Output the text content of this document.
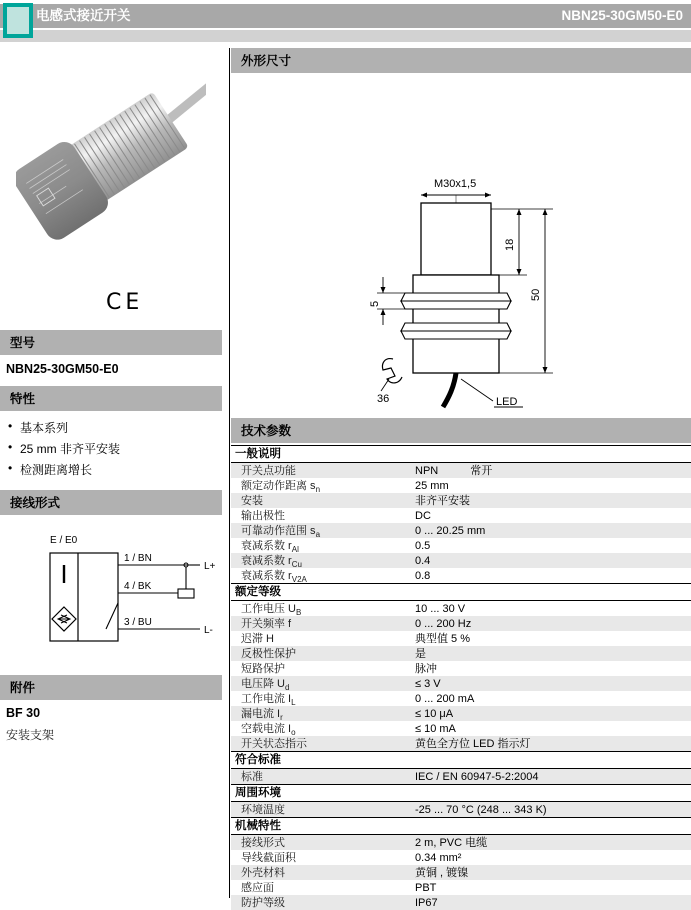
电感式接近开关	NBN25-30GM50-E0
CE
型号
NBN25-30GM50-E0
特性
• 基本系列
• 25 mm 非齐平安装
• 检测距离增长
接线形式
E / E0
1 / BN
4 / BK
3 / BU
L+
L-
附件
BF 30
安装支架
外形尺寸
LED
36
M30x1,5
18
50
5
技术参数
一般说明
开关点功能	NPN	常开
额定动作距离 $s_n$	25 mm
安装	非齐平安装
输出极性	DC
可靠动作范围 $s_a$	0 ... 20.25 mm
衰减系数 $r_{Al}$	0.5
衰减系数 $r_{Cu}$	0.4
衰减系数 $r_{V2A}$	0.8
额定等级
工作电压 $U_B$	10 ... 30 V
开关频率 f	0 ... 200 Hz
迟滞 H	典型值 5 %
反极性保护	是
短路保护	脉冲
电压降 $U_d$	≤ 3 V
工作电流 $I_L$	0 ... 200 mA
漏电流 $I_r$	≤ 10 μA
空载电流 $I_o$	≤ 10 mA
开关状态指示	黄色全方位 LED 指示灯
符合标准
标准	IEC / EN 60947-5-2:2004
周围环境
环境温度	-25 ... 70 °C (248 ... 343 K)
机械特性
接线形式	2 m, PVC 电缆
导线截面积	0.34 mm²
外壳材料	黄铜 , 镀镍
感应面	PBT
防护等级	IP67
